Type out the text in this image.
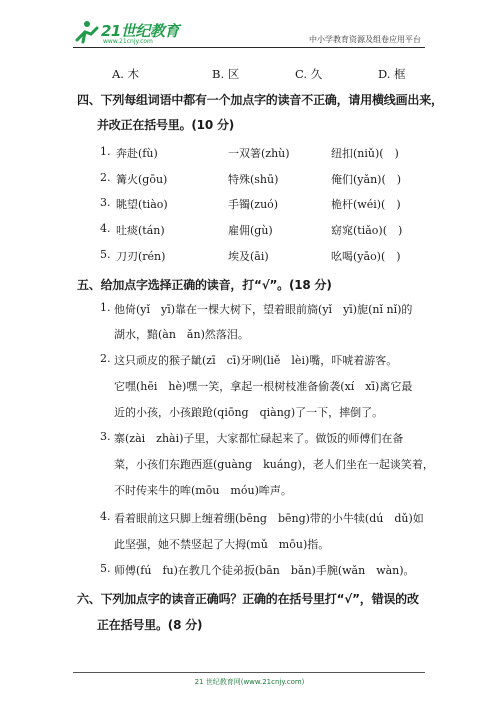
21世纪教育
www.21cnjy.com	中小学教育资源及组卷应用平台
A. 木	B. 区	C. 久	D. 框
四、下列每组词语中都有一个加点字的读音不正确，请用横线画出来，
并改正在括号里。(10 分)
1. 奔赴(fù)	一双箸(zhù)	纽扣(niǔ)(　)
2. 篝火(gōu)	特殊(shū)	俺们(yǎn)(　)
3. 眺望(tiào)	手镯(zuó)	桅杆(wéi)(　)
4. 吐痰(tán)	雇佣(gù)	窈窕(tiǎo)(　)
5. 刀刃(rén)	埃及(āi)	吆喝(yāo)(　)
五、给加点字选择正确的读音，打“√”。(18 分)
1. 他倚(yǐ　yī)靠在一棵大树下，望着眼前旖(yǐ　yī)旎(nǐ nǐ)的
湖水，黯(àn　ǎn)然落泪。
2. 这只顽皮的猴子龇(zī　cī)牙咧(liě　lèi)嘴，吓唬着游客。
它嘿(hēi　hè)嘿一笑，拿起一根树枝准备偷袭(xí　xī)离它最
近的小孩，小孩踉跄(qiōng　qiàng)了一下，摔倒了。
3. 寨(zài　zhài)子里，大家都忙碌起来了。做饭的师傅们在备
菜，小孩们东跑西逛(guàng　kuáng)，老人们坐在一起谈笑着，
不时传来牛的哞(mōu　móu)哞声。
4. 看着眼前这只脚上缠着绷(bēng　bēng)带的小牛犊(dú　dǔ)如
此坚强，她不禁竖起了大拇(mǔ　mōu)指。
5. 师傅(fú　fu)在教几个徒弟扳(bān　bǎn)手腕(wǎn　wàn)。
六、下列加点字的读音正确吗？正确的在括号里打“√”，错误的改
正在括号里。(8 分)
21 世纪教育网(www.21cnjy.com)
